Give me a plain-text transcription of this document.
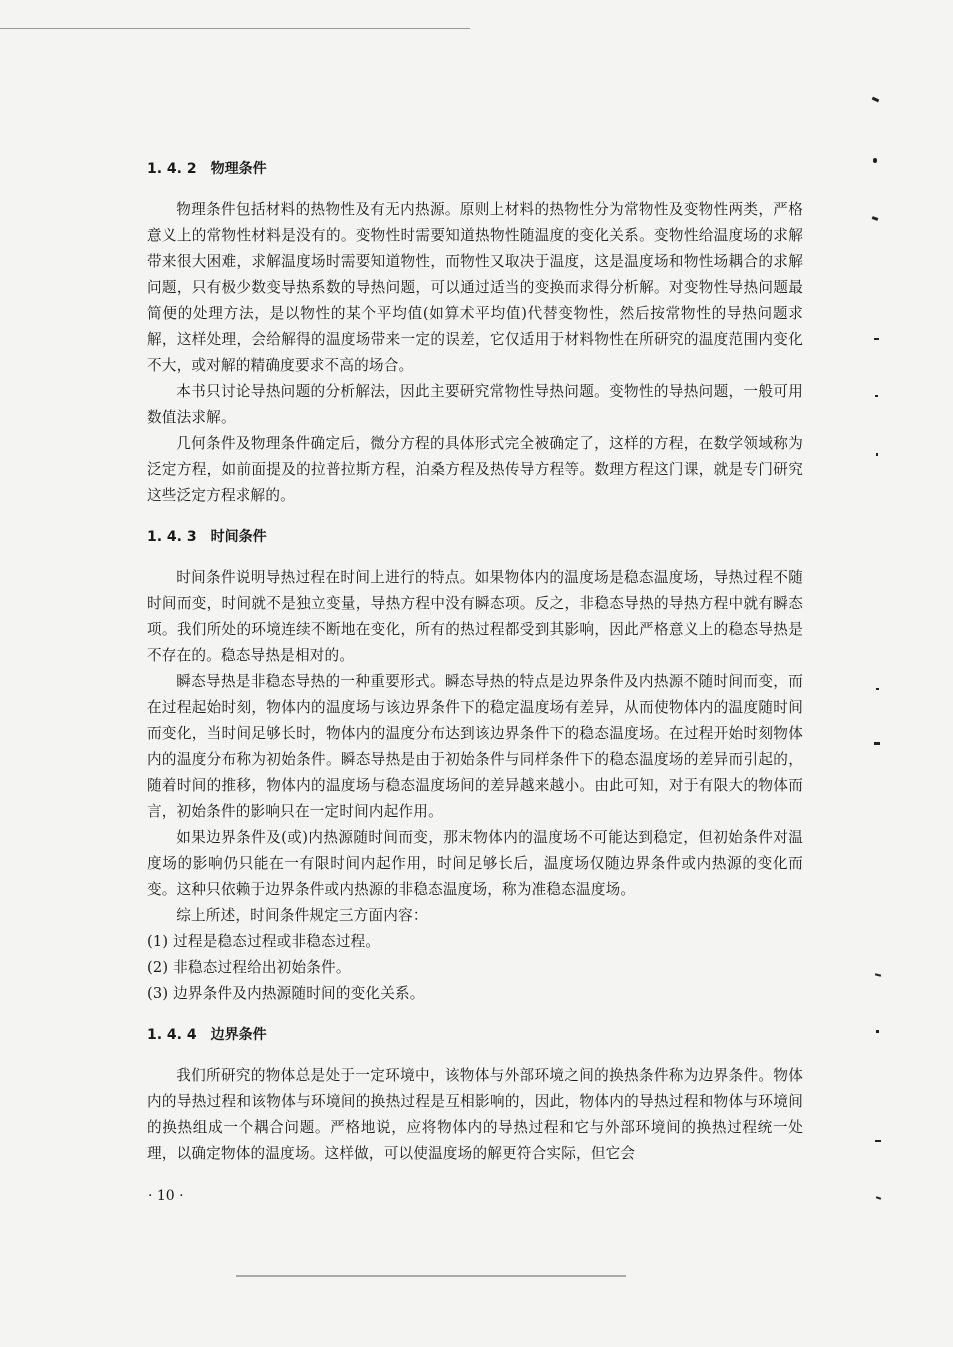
1. 4. 2 物理条件

物理条件包括材料的热物性及有无内热源。原则上材料的热物性分为常物性及变物性两类，严格意义上的常物性材料是没有的。变物性时需要知道热物性随温度的变化关系。变物性给温度场的求解带来很大困难，求解温度场时需要知道物性，而物性又取决于温度，这是温度场和物性场耦合的求解问题，只有极少数变导热系数的导热问题，可以通过适当的变换而求得分析解。对变物性导热问题最简便的处理方法，是以物性的某个平均值(如算术平均值)代替变物性，然后按常物性的导热问题求解，这样处理，会给解得的温度场带来一定的误差，它仅适用于材料物性在所研究的温度范围内变化不大，或对解的精确度要求不高的场合。

本书只讨论导热问题的分析解法，因此主要研究常物性导热问题。变物性的导热问题，一般可用数值法求解。

几何条件及物理条件确定后，微分方程的具体形式完全被确定了，这样的方程，在数学领域称为泛定方程，如前面提及的拉普拉斯方程，泊桑方程及热传导方程等。数理方程这门课，就是专门研究这些泛定方程求解的。

1. 4. 3 时间条件

时间条件说明导热过程在时间上进行的特点。如果物体内的温度场是稳态温度场，导热过程不随时间而变，时间就不是独立变量，导热方程中没有瞬态项。反之，非稳态导热的导热方程中就有瞬态项。我们所处的环境连续不断地在变化，所有的热过程都受到其影响，因此严格意义上的稳态导热是不存在的。稳态导热是相对的。

瞬态导热是非稳态导热的一种重要形式。瞬态导热的特点是边界条件及内热源不随时间而变，而在过程起始时刻，物体内的温度场与该边界条件下的稳定温度场有差异，从而使物体内的温度随时间而变化，当时间足够长时，物体内的温度分布达到该边界条件下的稳态温度场。在过程开始时刻物体内的温度分布称为初始条件。瞬态导热是由于初始条件与同样条件下的稳态温度场的差异而引起的，随着时间的推移，物体内的温度场与稳态温度场间的差异越来越小。由此可知，对于有限大的物体而言，初始条件的影响只在一定时间内起作用。

如果边界条件及(或)内热源随时间而变，那末物体内的温度场不可能达到稳定，但初始条件对温度场的影响仍只能在一有限时间内起作用，时间足够长后，温度场仅随边界条件或内热源的变化而变。这种只依赖于边界条件或内热源的非稳态温度场，称为准稳态温度场。

综上所述，时间条件规定三方面内容：

(1) 过程是稳态过程或非稳态过程。

(2) 非稳态过程给出初始条件。

(3) 边界条件及内热源随时间的变化关系。

1. 4. 4 边界条件

我们所研究的物体总是处于一定环境中，该物体与外部环境之间的换热条件称为边界条件。物体内的导热过程和该物体与环境间的换热过程是互相影响的，因此，物体内的导热过程和物体与环境间的换热组成一个耦合问题。严格地说，应将物体内的导热过程和它与外部环境间的换热过程统一处理，以确定物体的温度场。这样做，可以使温度场的解更符合实际，但它会

· 10 ·
